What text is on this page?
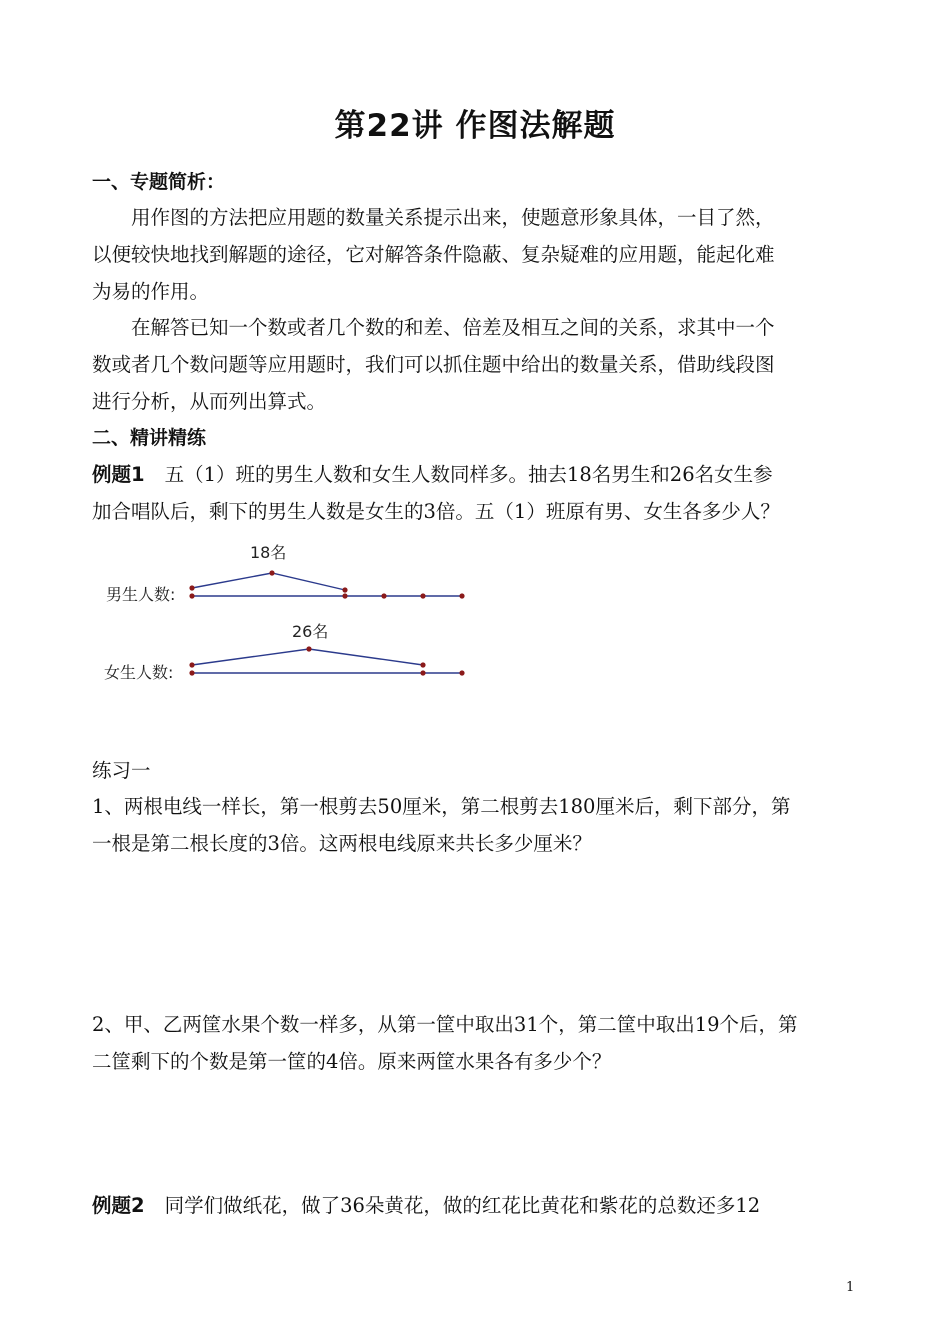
第22讲 作图法解题
一、专题简析：
用作图的方法把应用题的数量关系提示出来，使题意形象具体，一目了然，
以便较快地找到解题的途径，它对解答条件隐蔽、复杂疑难的应用题，能起化难
为易的作用。
在解答已知一个数或者几个数的和差、倍差及相互之间的关系，求其中一个
数或者几个数问题等应用题时，我们可以抓住题中给出的数量关系，借助线段图
进行分析，从而列出算式。
二、精讲精练
例题1 五（1）班的男生人数和女生人数同样多。抽去18名男生和26名女生参
加合唱队后，剩下的男生人数是女生的3倍。五（1）班原有男、女生各多少人？
男生人数:
18名
女生人数:
26名
练习一
1、两根电线一样长，第一根剪去50厘米，第二根剪去180厘米后，剩下部分，第
一根是第二根长度的3倍。这两根电线原来共长多少厘米？
2、甲、乙两筐水果个数一样多，从第一筐中取出31个，第二筐中取出19个后，第
二筐剩下的个数是第一筐的4倍。原来两筐水果各有多少个？
例题2 同学们做纸花，做了36朵黄花，做的红花比黄花和紫花的总数还多12
1
